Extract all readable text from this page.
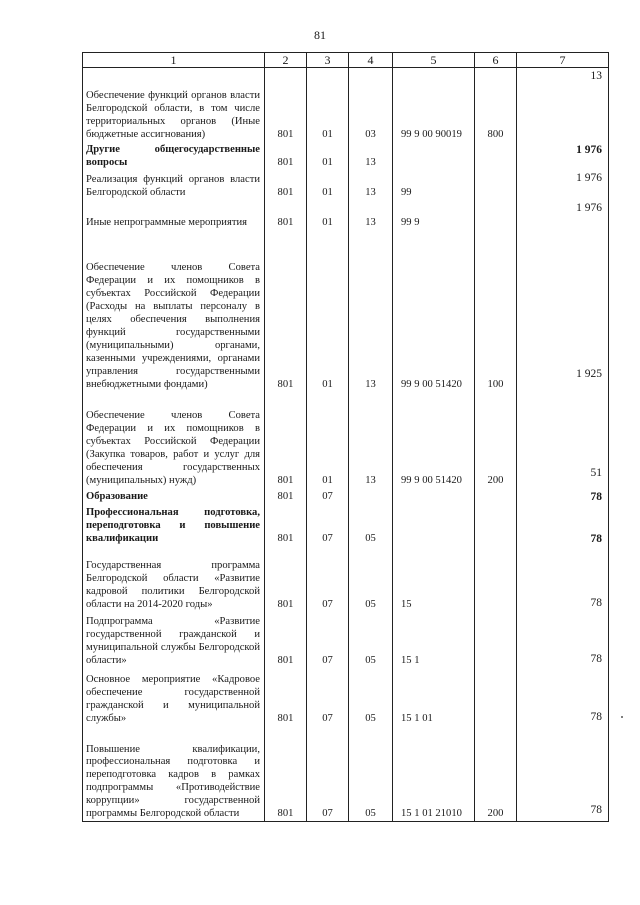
81
1	2	3	4	5	6	7
Обеспечение функций органов власти Белгородской области, в том числе территориальных органов (Иные бюджетные ассигнования)	801	01	03	99 9 00 90019	800	13
Другие общегосударственные вопросы	801	01	13			1 976
Реализация функций органов власти Белгородской области	801	01	13	99		1 976
Иные непрограммные мероприятия	801	01	13	99 9		1 976
Обеспечение членов Совета Федерации и их помощников в субъектах Российской Федерации (Расходы на выплаты персоналу в целях обеспечения выполнения функций государственными (муниципальными) органами, казенными учреждениями, органами управления государственными внебюджетными фондами)	801	01	13	99 9 00 51420	100	1 925
Обеспечение членов Совета Федерации и их помощников в субъектах Российской Федерации (Закупка товаров, работ и услуг для обеспечения государственных (муниципальных) нужд)	801	01	13	99 9 00 51420	200	51
Образование	801	07				78
Профессиональная подготовка, переподготовка и повышение квалификации	801	07	05			78
Государственная программа Белгородской области «Развитие кадровой политики Белгородской области на 2014-2020 годы»	801	07	05	15		78
Подпрограмма «Развитие государственной гражданской и муниципальной службы Белгородской области»	801	07	05	15 1		78
Основное мероприятие «Кадровое обеспечение государственной гражданской и муниципальной службы»	801	07	05	15 1 01		78
Повышение квалификации, профессиональная подготовка и переподготовка кадров в рамках подпрограммы «Противодействие коррупции» государственной программы Белгородской области	801	07	05	15 1 01 21010	200	78
